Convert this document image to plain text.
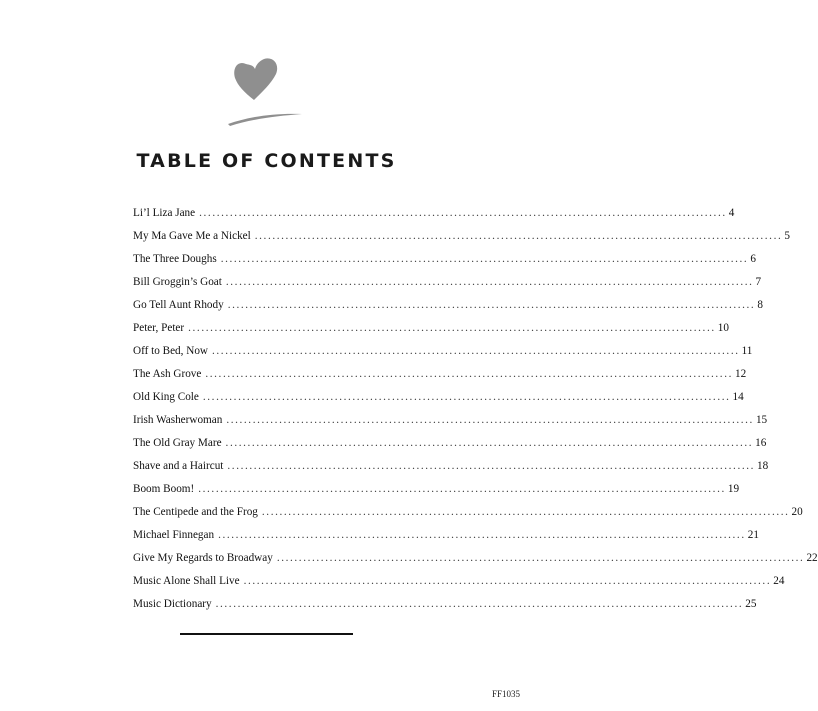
TABLE OF CONTENTS
Li’l Liza Jane ........................................................................................................................ 4
My Ma Gave Me a Nickel ........................................................................................................................ 5
The Three Doughs ........................................................................................................................ 6
Bill Groggin’s Goat ........................................................................................................................ 7
Go Tell Aunt Rhody ........................................................................................................................ 8
Peter, Peter ........................................................................................................................ 10
Off to Bed, Now ........................................................................................................................ 11
The Ash Grove ........................................................................................................................ 12
Old King Cole ........................................................................................................................ 14
Irish Washerwoman ........................................................................................................................ 15
The Old Gray Mare ........................................................................................................................ 16
Shave and a Haircut ........................................................................................................................ 18
Boom Boom! ........................................................................................................................ 19
The Centipede and the Frog ........................................................................................................................ 20
Michael Finnegan ........................................................................................................................ 21
Give My Regards to Broadway ........................................................................................................................ 22
Music Alone Shall Live ........................................................................................................................ 24
Music Dictionary ........................................................................................................................ 25
FF1035
